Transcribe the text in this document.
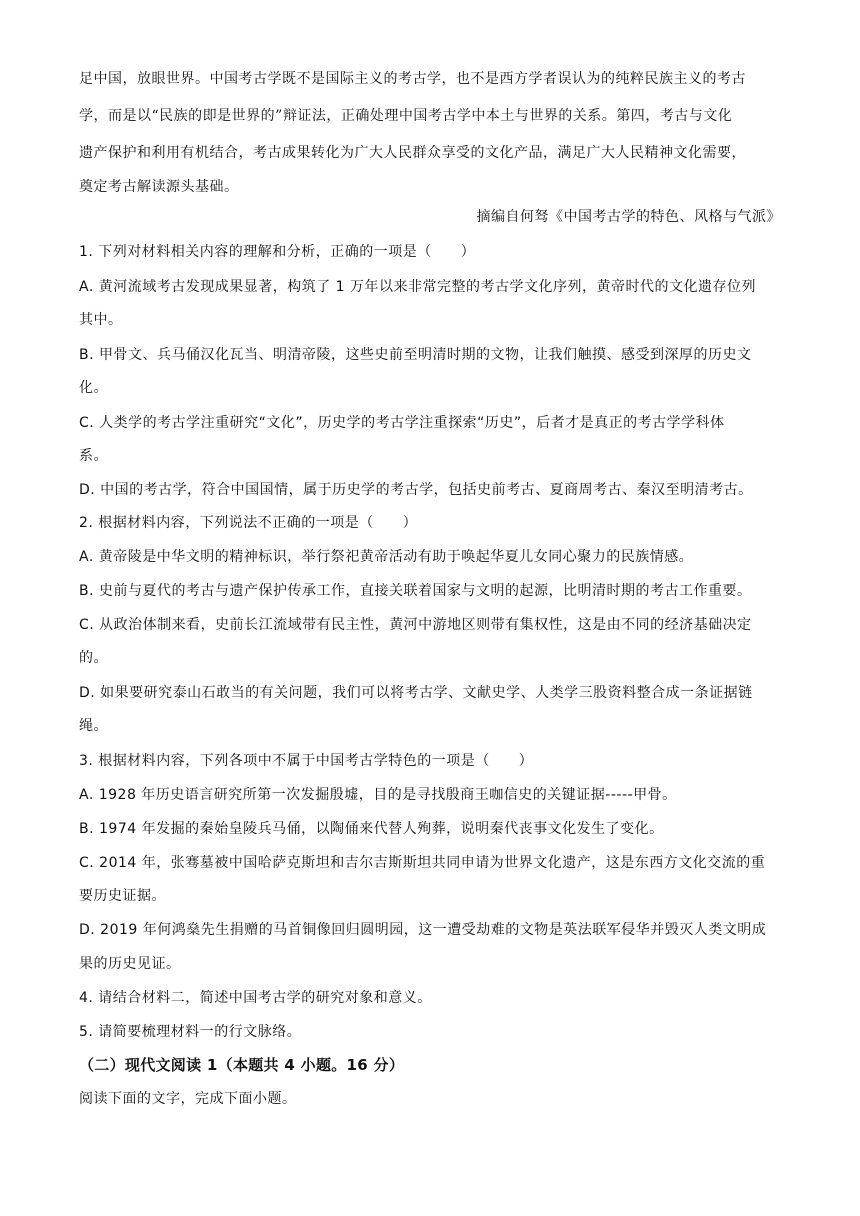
足中国，放眼世界。中国考古学既不是国际主义的考古学，也不是西方学者误认为的纯粹民族主义的考古
学，而是以“民族的即是世界的”辩证法，正确处理中国考古学中本土与世界的关系。第四，考古与文化
遗产保护和利用有机结合，考古成果转化为广大人民群众享受的文化产品，满足广大人民精神文化需要，
奠定考古解读源头基础。
摘编自何驽《中国考古学的特色、风格与气派》
1. 下列对材料相关内容的理解和分析，正确的一项是（　　）
A. 黄河流域考古发现成果显著，构筑了 1 万年以来非常完整的考古学文化序列，黄帝时代的文化遗存位列
其中。
B. 甲骨文、兵马俑汉化瓦当、明清帝陵，这些史前至明清时期的文物，让我们触摸、感受到深厚的历史文
化。
C. 人类学的考古学注重研究“文化”，历史学的考古学注重探索“历史”，后者才是真正的考古学学科体
系。
D. 中国的考古学，符合中国国情，属于历史学的考古学，包括史前考古、夏商周考古、秦汉至明清考古。
2. 根据材料内容，下列说法不正确的一项是（　　）
A. 黄帝陵是中华文明的精神标识，举行祭祀黄帝活动有助于唤起华夏儿女同心聚力的民族情感。
B. 史前与夏代的考古与遗产保护传承工作，直接关联着国家与文明的起源，比明清时期的考古工作重要。
C. 从政治体制来看，史前长江流域带有民主性，黄河中游地区则带有集权性，这是由不同的经济基础决定
的。
D. 如果要研究泰山石敢当的有关问题，我们可以将考古学、文献史学、人类学三股资料整合成一条证据链
绳。
3. 根据材料内容，下列各项中不属于中国考古学特色的一项是（　　）
A. 1928 年历史语言研究所第一次发掘殷墟，目的是寻找殷商王咖信史的关键证据-----甲骨。
B. 1974 年发掘的秦始皇陵兵马俑，以陶俑来代替人殉葬，说明秦代丧事文化发生了变化。
C. 2014 年，张骞墓被中国哈萨克斯坦和吉尔吉斯斯坦共同申请为世界文化遗产，这是东西方文化交流的重
要历史证据。
D. 2019 年何鸿燊先生捐赠的马首铜像回归圆明园，这一遭受劫难的文物是英法联军侵华并毁灭人类文明成
果的历史见证。
4. 请结合材料二，简述中国考古学的研究对象和意义。
5. 请简要梳理材料一的行文脉络。
（二）现代文阅读 1（本题共 4 小题。16 分）
阅读下面的文字，完成下面小题。
